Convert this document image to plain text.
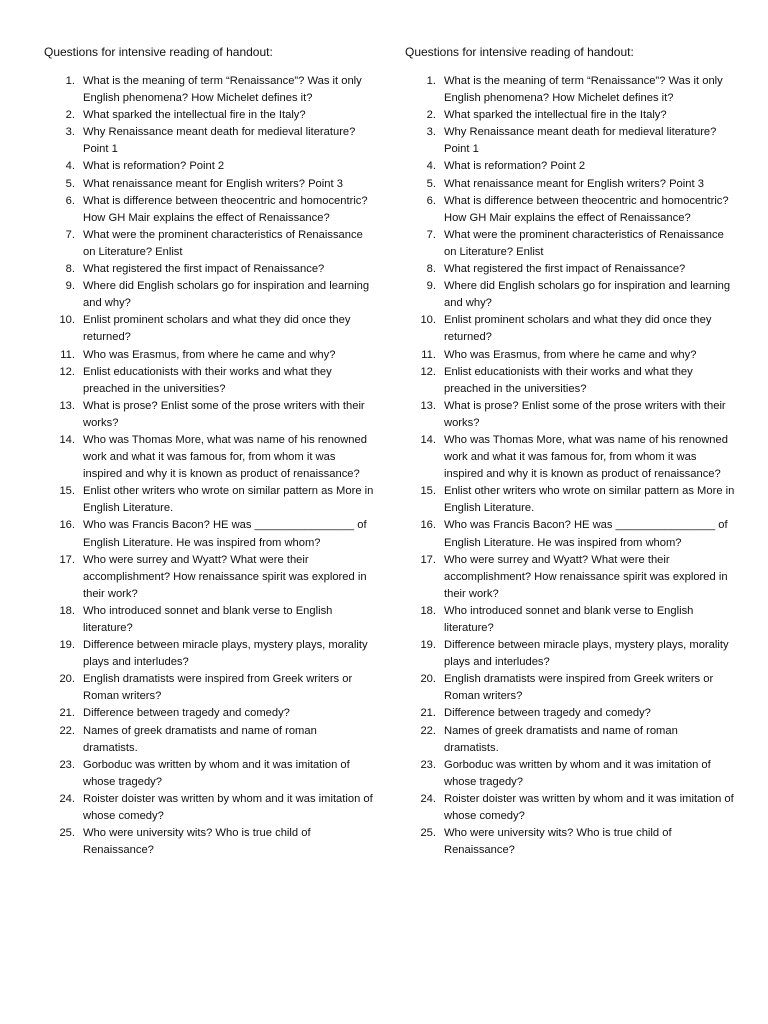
Questions for intensive reading of handout:
1. What is the meaning of term “Renaissance”? Was it only English phenomena? How Michelet defines it?
2. What sparked the intellectual fire in the Italy?
3. Why Renaissance meant death for medieval literature? Point 1
4. What is reformation? Point 2
5. What renaissance meant for English writers? Point 3
6. What is difference between theocentric and homocentric? How GH Mair explains the effect of Renaissance?
7. What were the prominent characteristics of Renaissance on Literature? Enlist
8. What registered the first impact of Renaissance?
9. Where did English scholars go for inspiration and learning and why?
10. Enlist prominent scholars and what they did once they returned?
11. Who was Erasmus, from where he came and why?
12. Enlist educationists with their works and what they preached in the universities?
13. What is prose? Enlist some of the prose writers with their works?
14. Who was Thomas More, what was name of his renowned work and what it was famous for, from whom it was inspired and why it is known as product of renaissance?
15. Enlist other writers who wrote on similar pattern as More in English Literature.
16. Who was Francis Bacon? HE was ________________ of English Literature. He was inspired from whom?
17. Who were surrey and Wyatt? What were their accomplishment? How renaissance spirit was explored in their work?
18. Who introduced sonnet and blank verse to English literature?
19. Difference between miracle plays, mystery plays, morality plays and interludes?
20. English dramatists were inspired from Greek writers or Roman writers?
21. Difference between tragedy and comedy?
22. Names of greek dramatists and name of roman dramatists.
23. Gorboduc was written by whom and it was imitation of whose tragedy?
24. Roister doister was written by whom and it was imitation of whose comedy?
25. Who were university wits? Who is true child of Renaissance?
Questions for intensive reading of handout:
1. What is the meaning of term “Renaissance”? Was it only English phenomena? How Michelet defines it?
2. What sparked the intellectual fire in the Italy?
3. Why Renaissance meant death for medieval literature? Point 1
4. What is reformation? Point 2
5. What renaissance meant for English writers? Point 3
6. What is difference between theocentric and homocentric? How GH Mair explains the effect of Renaissance?
7. What were the prominent characteristics of Renaissance on Literature? Enlist
8. What registered the first impact of Renaissance?
9. Where did English scholars go for inspiration and learning and why?
10. Enlist prominent scholars and what they did once they returned?
11. Who was Erasmus, from where he came and why?
12. Enlist educationists with their works and what they preached in the universities?
13. What is prose? Enlist some of the prose writers with their works?
14. Who was Thomas More, what was name of his renowned work and what it was famous for, from whom it was inspired and why it is known as product of renaissance?
15. Enlist other writers who wrote on similar pattern as More in English Literature.
16. Who was Francis Bacon? HE was ________________ of English Literature. He was inspired from whom?
17. Who were surrey and Wyatt? What were their accomplishment? How renaissance spirit was explored in their work?
18. Who introduced sonnet and blank verse to English literature?
19. Difference between miracle plays, mystery plays, morality plays and interludes?
20. English dramatists were inspired from Greek writers or Roman writers?
21. Difference between tragedy and comedy?
22. Names of greek dramatists and name of roman dramatists.
23. Gorboduc was written by whom and it was imitation of whose tragedy?
24. Roister doister was written by whom and it was imitation of whose comedy?
25. Who were university wits? Who is true child of Renaissance?
